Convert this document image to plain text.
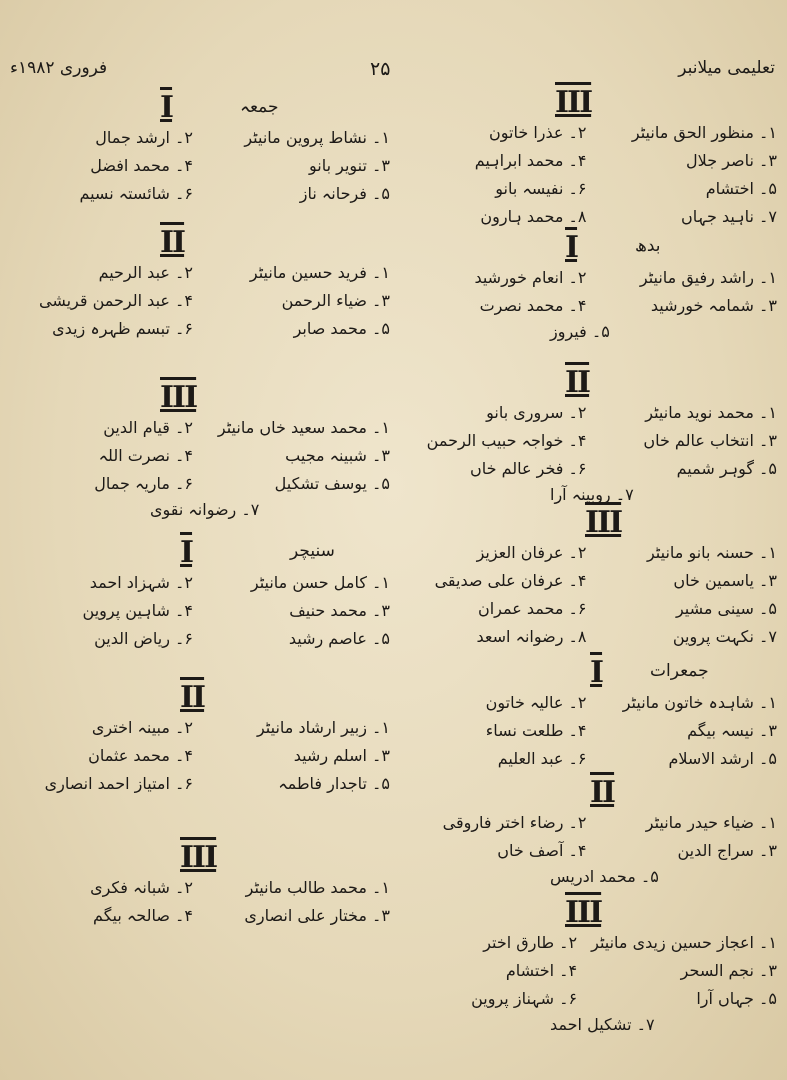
فروری ۱۹۸۲ء	۲۵	تعلیمی میلانبر
III
۱۔ منظور الحق مانیٹر
۲۔ عذرا خاتون
۳۔ ناصر جلال
۴۔ محمد ابراہیم
۵۔ اختشام
۶۔ نفیسہ بانو
۷۔ ناہید جہاں
۸۔ محمد ہارون
I	بدھ
۱۔ راشد رفیق مانیٹر
۲۔ انعام خورشید
۳۔ شمامہ خورشید
۴۔ محمد نصرت
۵۔ فیروز
II
۱۔ محمد نوید مانیٹر
۲۔ سروری بانو
۳۔ انتخاب عالم خاں
۴۔ خواجہ حبیب الرحمن
۵۔ گوہر شمیم
۶۔ فخر عالم خاں
۷۔ روبینہ آرا
III
۱۔ حسنہ بانو مانیٹر
۲۔ عرفان العزیز
۳۔ یاسمین خاں
۴۔ عرفان علی صدیقی
۵۔ سینی مشیر
۶۔ محمد عمران
۷۔ نکہت پروین
۸۔ رضوانہ اسعد
I	جمعرات
۱۔ شاہدہ خاتون مانیٹر
۲۔ عالیہ خاتون
۳۔ نیسہ بیگم
۴۔ طلعت نساء
۵۔ ارشد الاسلام
۶۔ عبد العلیم
II
۱۔ ضیاء حیدر مانیٹر
۲۔ رضاء اختر فاروقی
۳۔ سراج الدین
۴۔ آصف خاں
۵۔ محمد ادریس
III
۱۔ اعجاز حسین زیدی مانیٹر
۲۔ طارق اختر
۳۔ نجم السحر
۴۔ اختشام
۵۔ جہاں آرا
۶۔ شہناز پروین
۷۔ تشکیل احمد
I	جمعہ
۱۔ نشاط پروین مانیٹر
۲۔ ارشد جمال
۳۔ تنویر بانو
۴۔ محمد افضل
۵۔ فرحانہ ناز
۶۔ شائستہ نسیم
II
۱۔ فرید حسین مانیٹر
۲۔ عبد الرحیم
۳۔ ضیاء الرحمن
۴۔ عبد الرحمن قریشی
۵۔ محمد صابر
۶۔ تبسم ظہرہ زیدی
III
۱۔ محمد سعید خاں مانیٹر
۲۔ قیام الدین
۳۔ شبینہ مجیب
۴۔ نصرت اللہ
۵۔ یوسف تشکیل
۶۔ ماریہ جمال
۷۔ رضوانہ نقوی
I	سنیچر
۱۔ کامل حسن مانیٹر
۲۔ شہزاد احمد
۳۔ محمد حنیف
۴۔ شاہین پروین
۵۔ عاصم رشید
۶۔ ریاض الدین
II
۱۔ زبیر ارشاد مانیٹر
۲۔ مبینہ اختری
۳۔ اسلم رشید
۴۔ محمد عثمان
۵۔ تاجدار فاطمہ
۶۔ امتیاز احمد انصاری
III
۱۔ محمد طالب مانیٹر
۲۔ شبانہ فکری
۳۔ مختار علی انصاری
۴۔ صالحہ بیگم
